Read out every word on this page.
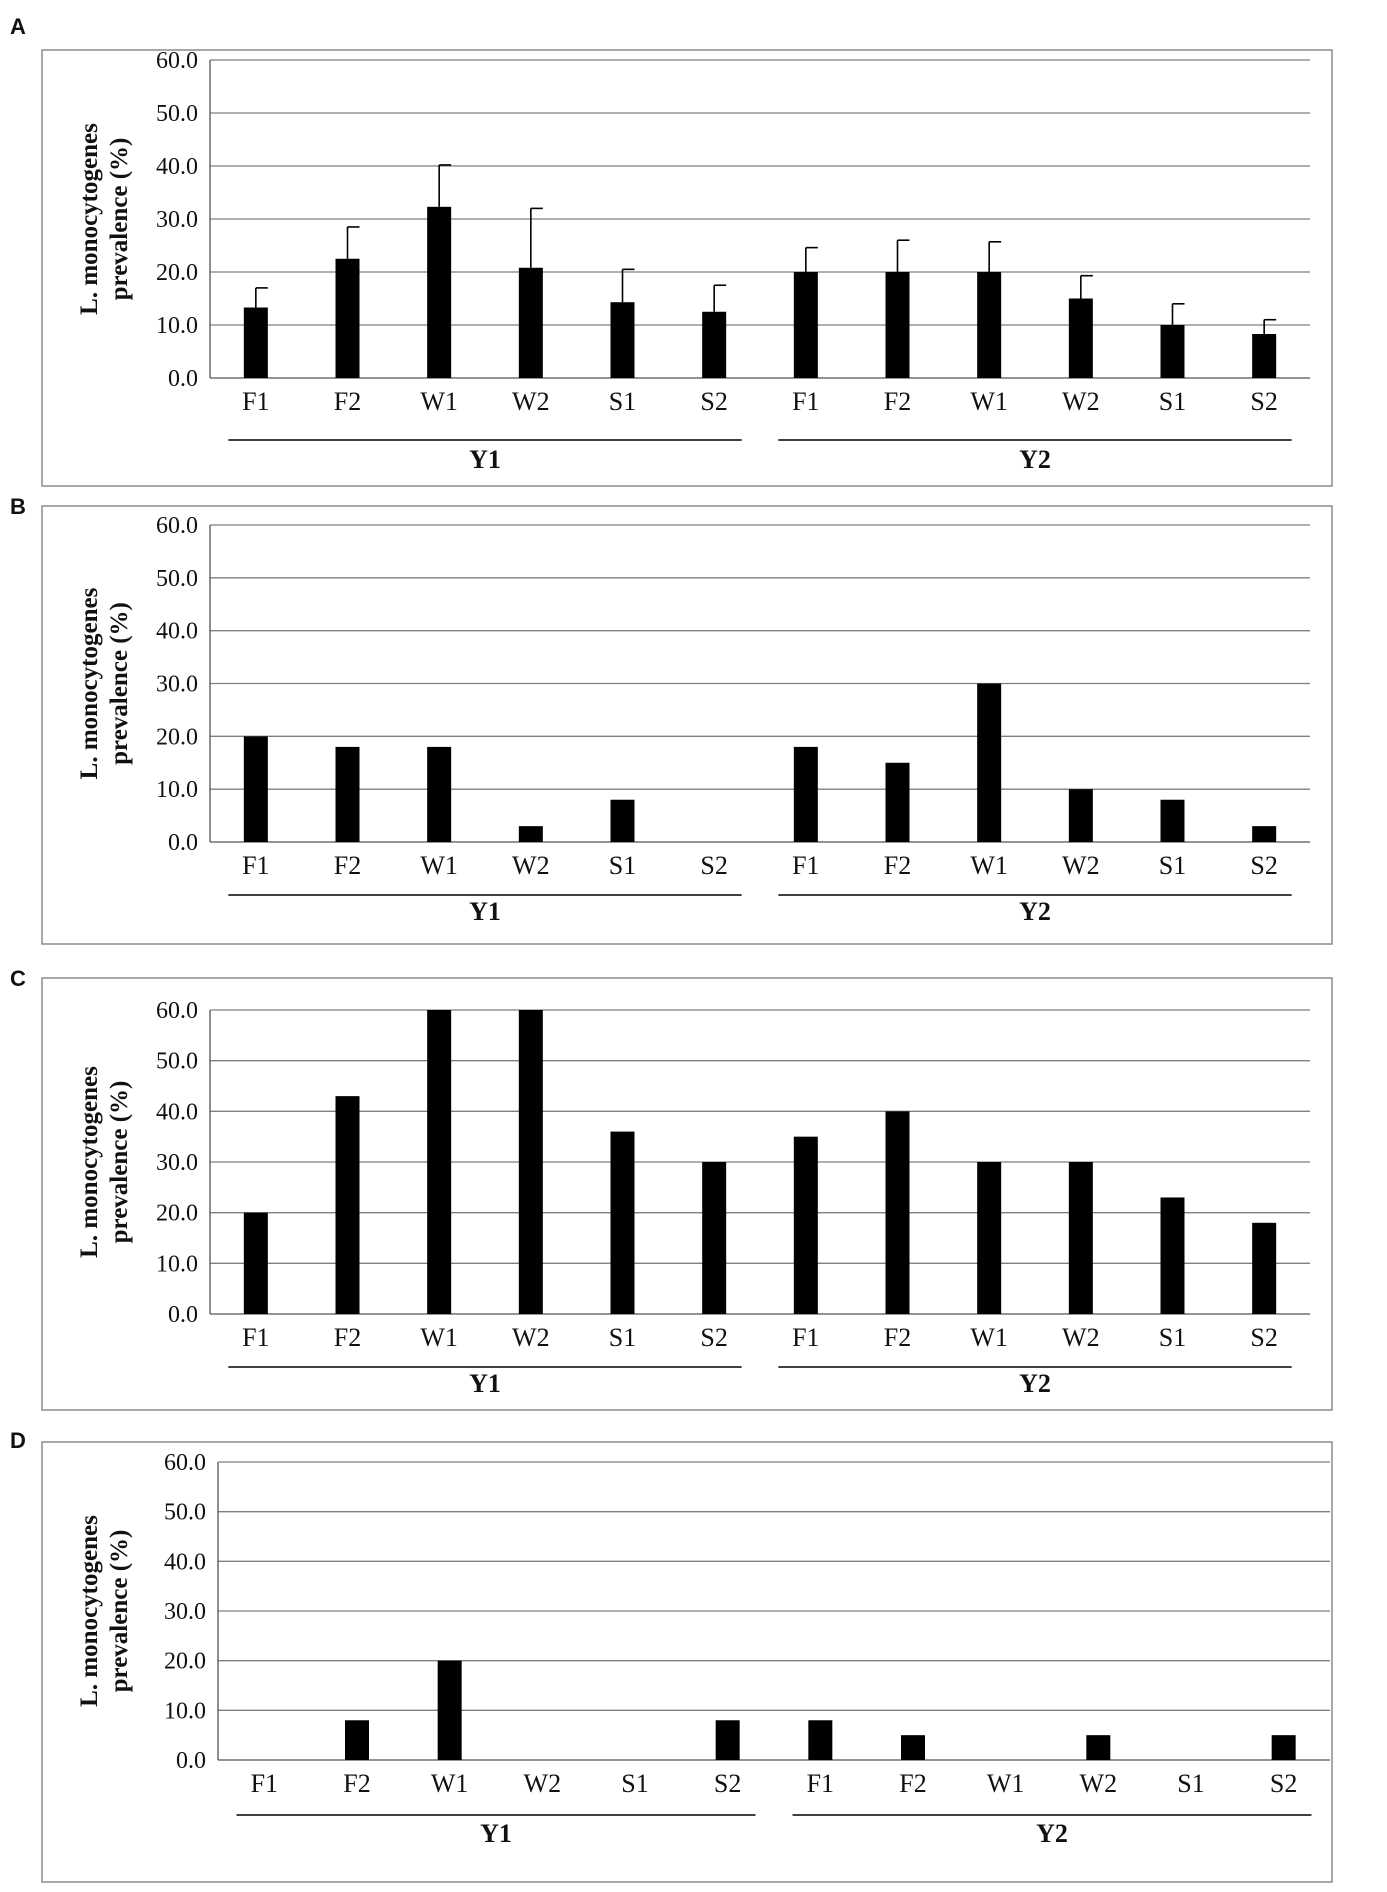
A
B
C
D
0.0
10.0
20.0
30.0
40.0
50.0
60.0
L. monocytogenes prevalence (%)
F1 F2 W1 W2 S1 S2 F1 F2 W1 W2 S1 S2
Y1	Y2
0.0
10.0
20.0
30.0
40.0
50.0
60.0
L. monocytogenes prevalence (%)
F1 F2 W1 W2 S1 S2 F1 F2 W1 W2 S1 S2
Y1	Y2
0.0
10.0
20.0
30.0
40.0
50.0
60.0
L. monocytogenes prevalence (%)
F1 F2 W1 W2 S1 S2 F1 F2 W1 W2 S1 S2
Y1	Y2
0.0
10.0
20.0
30.0
40.0
50.0
60.0
L. monocytogenes prevalence (%)
F1	F2 W1 W2 S1	S2	F1	F2 W1 W2 S1	S2
Y1	Y2
